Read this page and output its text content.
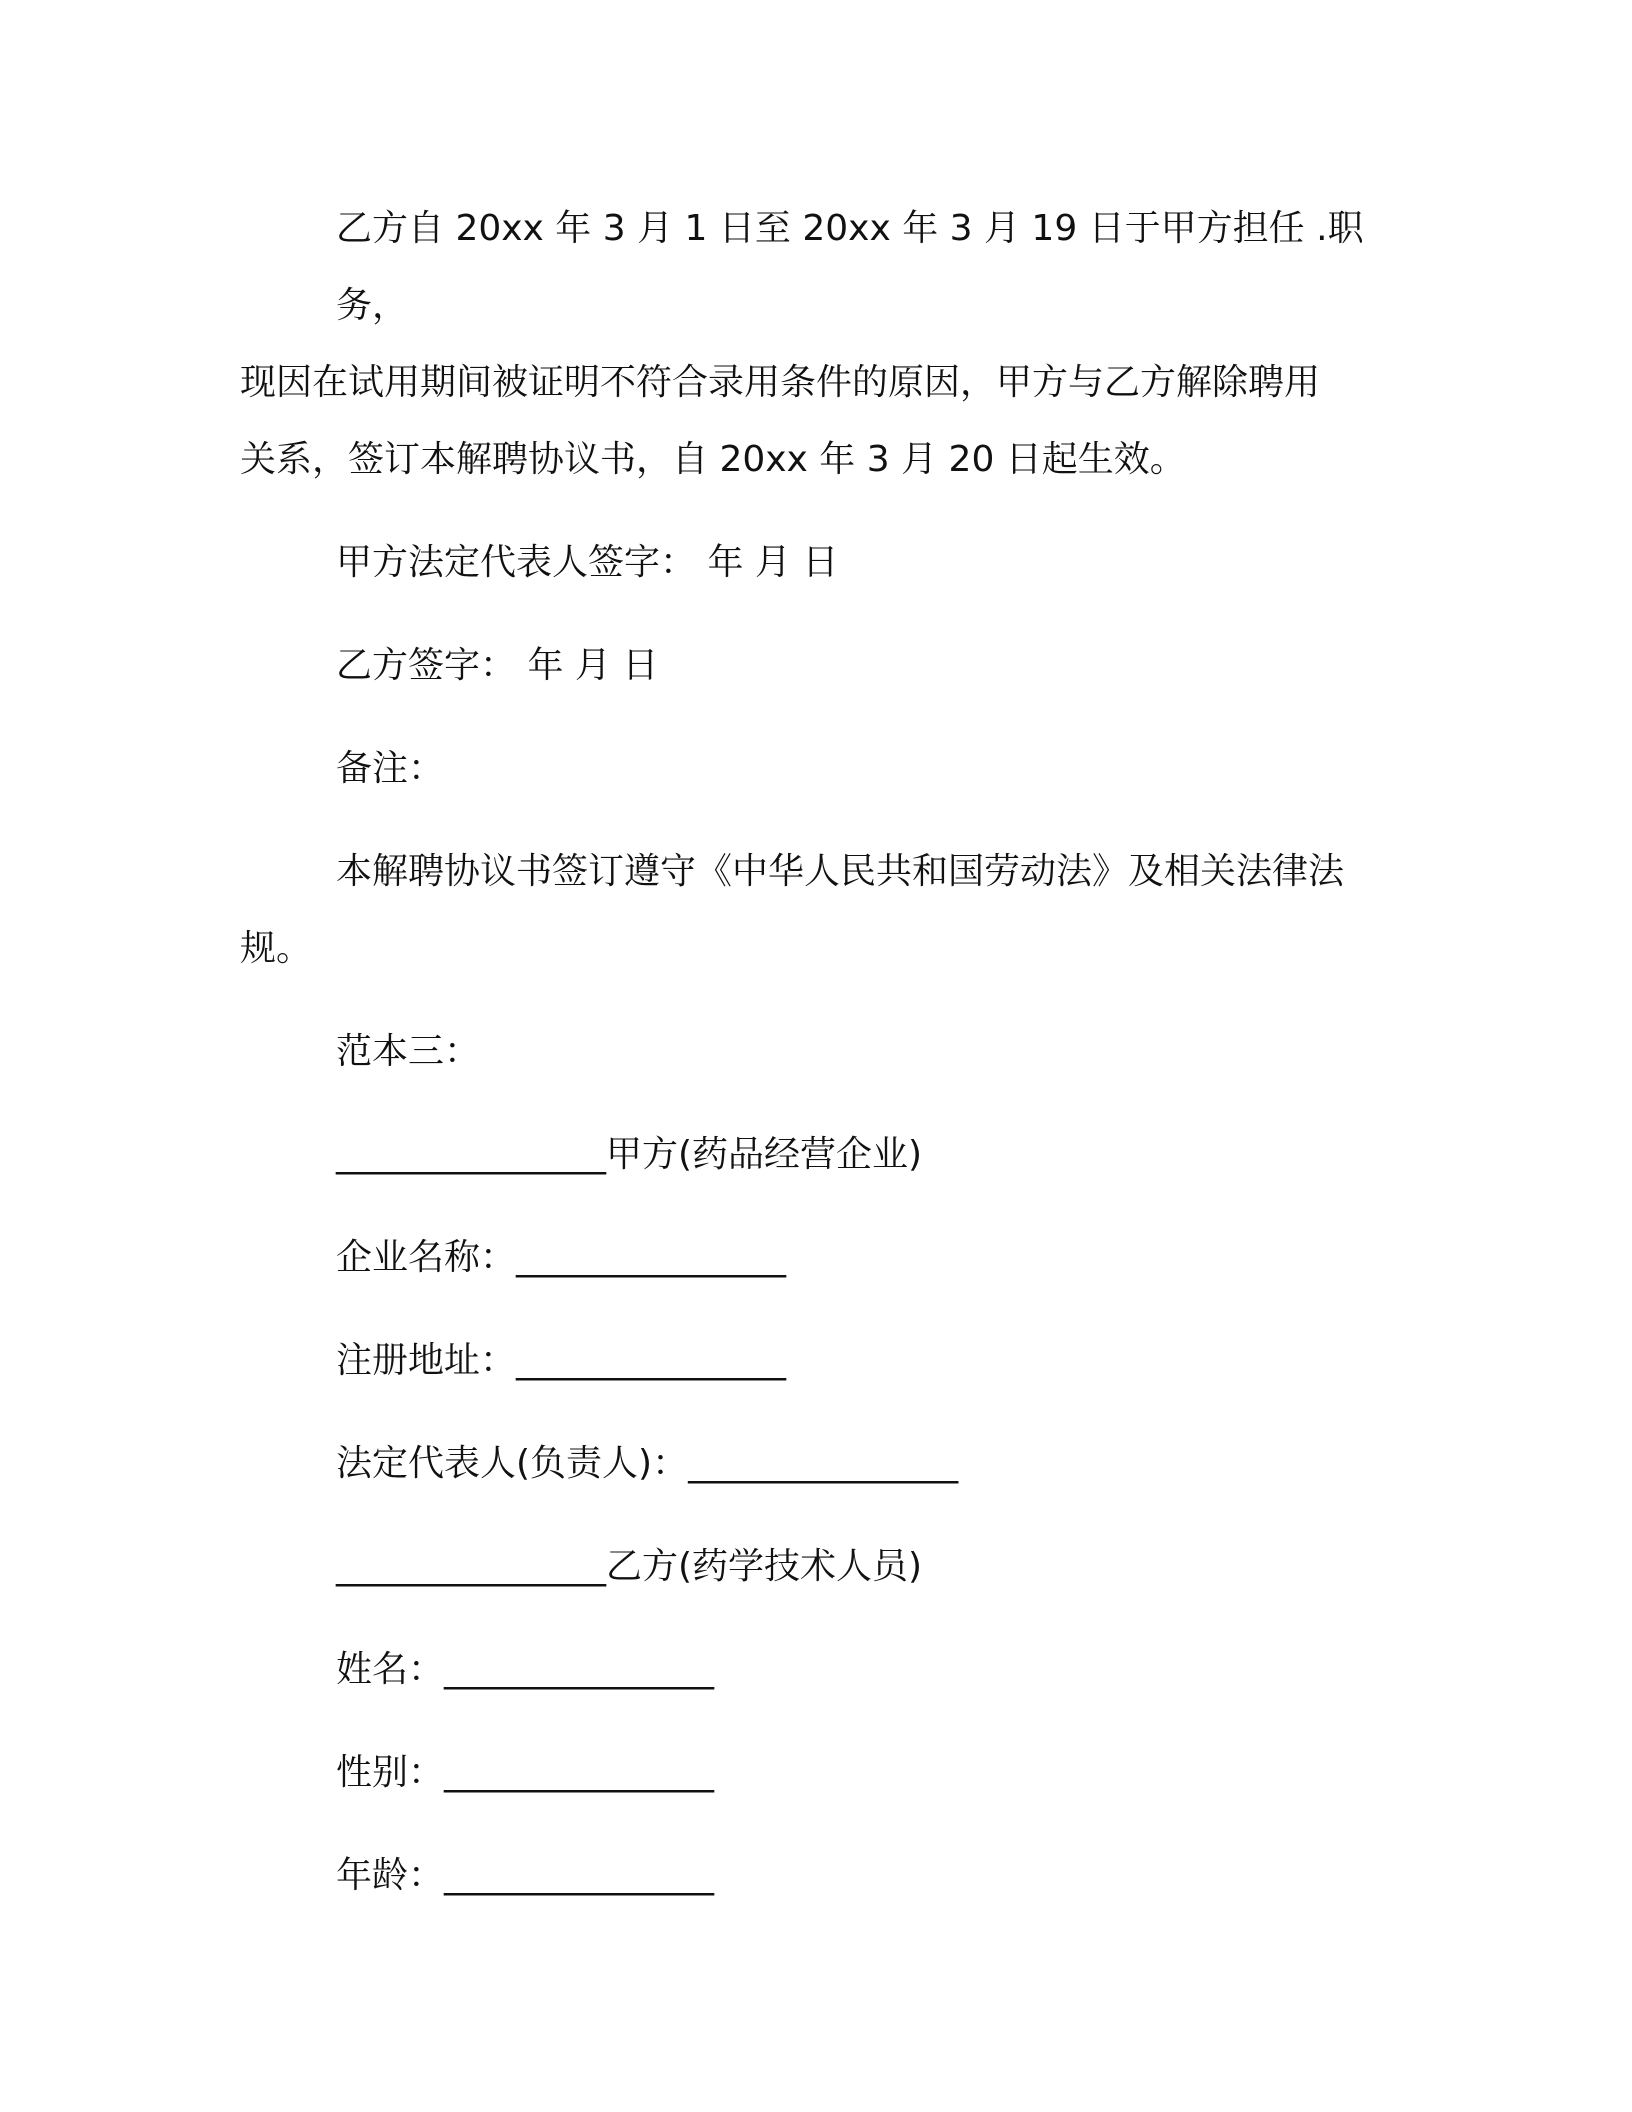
乙方自 20xx 年 3 月 1 日至 20xx 年 3 月 19 日于甲方担任 .职务，
现因在试用期间被证明不符合录用条件的原因，甲方与乙方解除聘用
关系，签订本解聘协议书，自 20xx 年 3 月 20 日起生效。

甲方法定代表人签字： 年 月 日

乙方签字： 年 月 日

备注：

本解聘协议书签订遵守《中华人民共和国劳动法》及相关法律法
规。

范本三：

_______________甲方(药品经营企业)

企业名称：_______________

注册地址：_______________

法定代表人(负责人)：_______________

_______________乙方(药学技术人员)

姓名：_______________

性别：_______________

年龄：_______________
